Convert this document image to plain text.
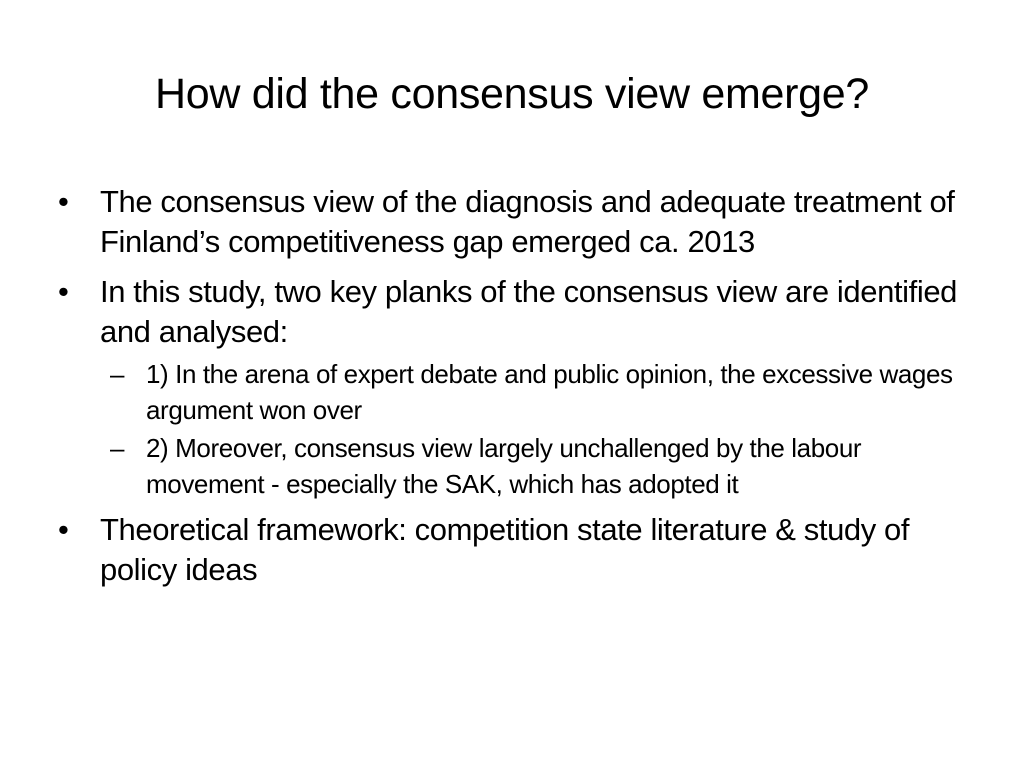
How did the consensus view emerge?
•	The consensus view of the diagnosis and adequate treatment of Finland’s competitiveness gap emerged ca. 2013
•	In this study, two key planks of the consensus view are identified and analysed:
– 1) In the arena of expert debate and public opinion, the excessive wages argument won over
– 2) Moreover, consensus view largely unchallenged by the labour movement - especially the SAK, which has adopted it
•	Theoretical framework: competition state literature & study of policy ideas
